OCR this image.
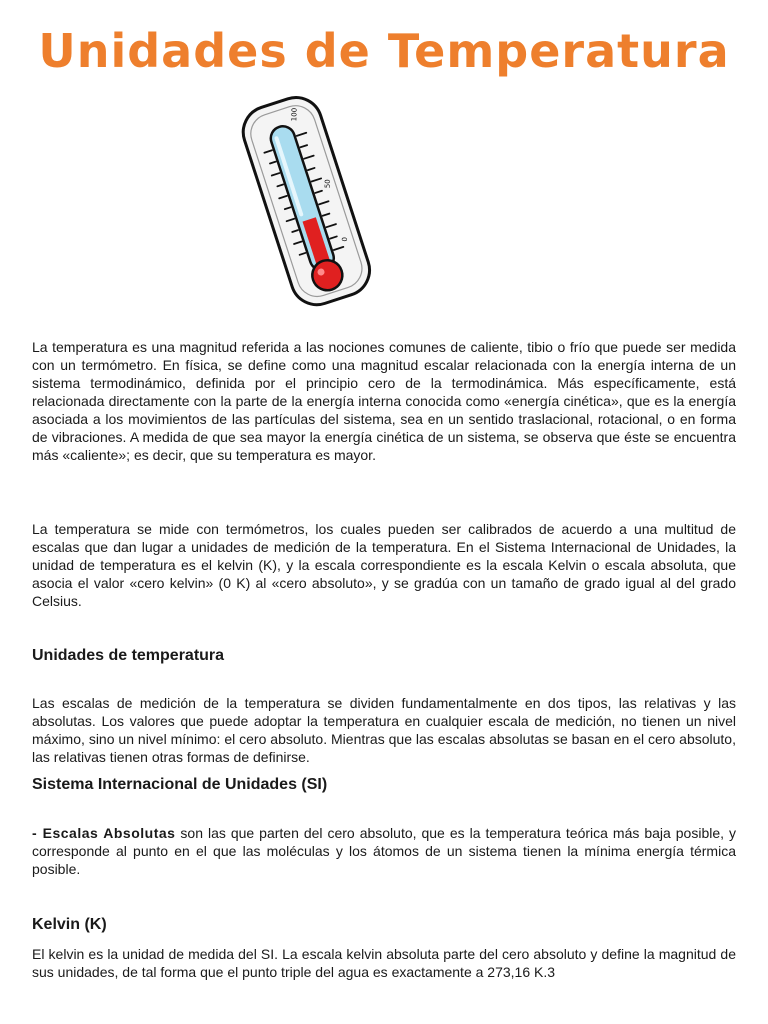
Unidades de Temperatura
100
50
0

La temperatura es una magnitud referida a las nociones comunes de caliente, tibio o frío que puede ser medida con un termómetro. En física, se define como una magnitud escalar relacionada con la energía interna de un sistema termodinámico, definida por el principio cero de la termodinámica. Más específicamente, está relacionada directamente con la parte de la energía interna conocida como «energía cinética», que es la energía asociada a los movimientos de las partículas del sistema, sea en un sentido traslacional, rotacional, o en forma de vibraciones. A medida de que sea mayor la energía cinética de un sistema, se observa que éste se encuentra más «caliente»; es decir, que su temperatura es mayor.

La temperatura se mide con termómetros, los cuales pueden ser calibrados de acuerdo a una multitud de escalas que dan lugar a unidades de medición de la temperatura. En el Sistema Internacional de Unidades, la unidad de temperatura es el kelvin (K), y la escala correspondiente es la escala Kelvin o escala absoluta, que asocia el valor «cero kelvin» (0 K) al «cero absoluto», y se gradúa con un tamaño de grado igual al del grado Celsius.

Unidades de temperatura

Las escalas de medición de la temperatura se dividen fundamentalmente en dos tipos, las relativas y las absolutas. Los valores que puede adoptar la temperatura en cualquier escala de medición, no tienen un nivel máximo, sino un nivel mínimo: el cero absoluto. Mientras que las escalas absolutas se basan en el cero absoluto, las relativas tienen otras formas de definirse.

Sistema Internacional de Unidades (SI)

- Escalas Absolutas son las que parten del cero absoluto, que es la temperatura teórica más baja posible, y corresponde al punto en el que las moléculas y los átomos de un sistema tienen la mínima energía térmica posible.

Kelvin (K)

El kelvin es la unidad de medida del SI. La escala kelvin absoluta parte del cero absoluto y define la magnitud de sus unidades, de tal forma que el punto triple del agua es exactamente a 273,16 K.3
